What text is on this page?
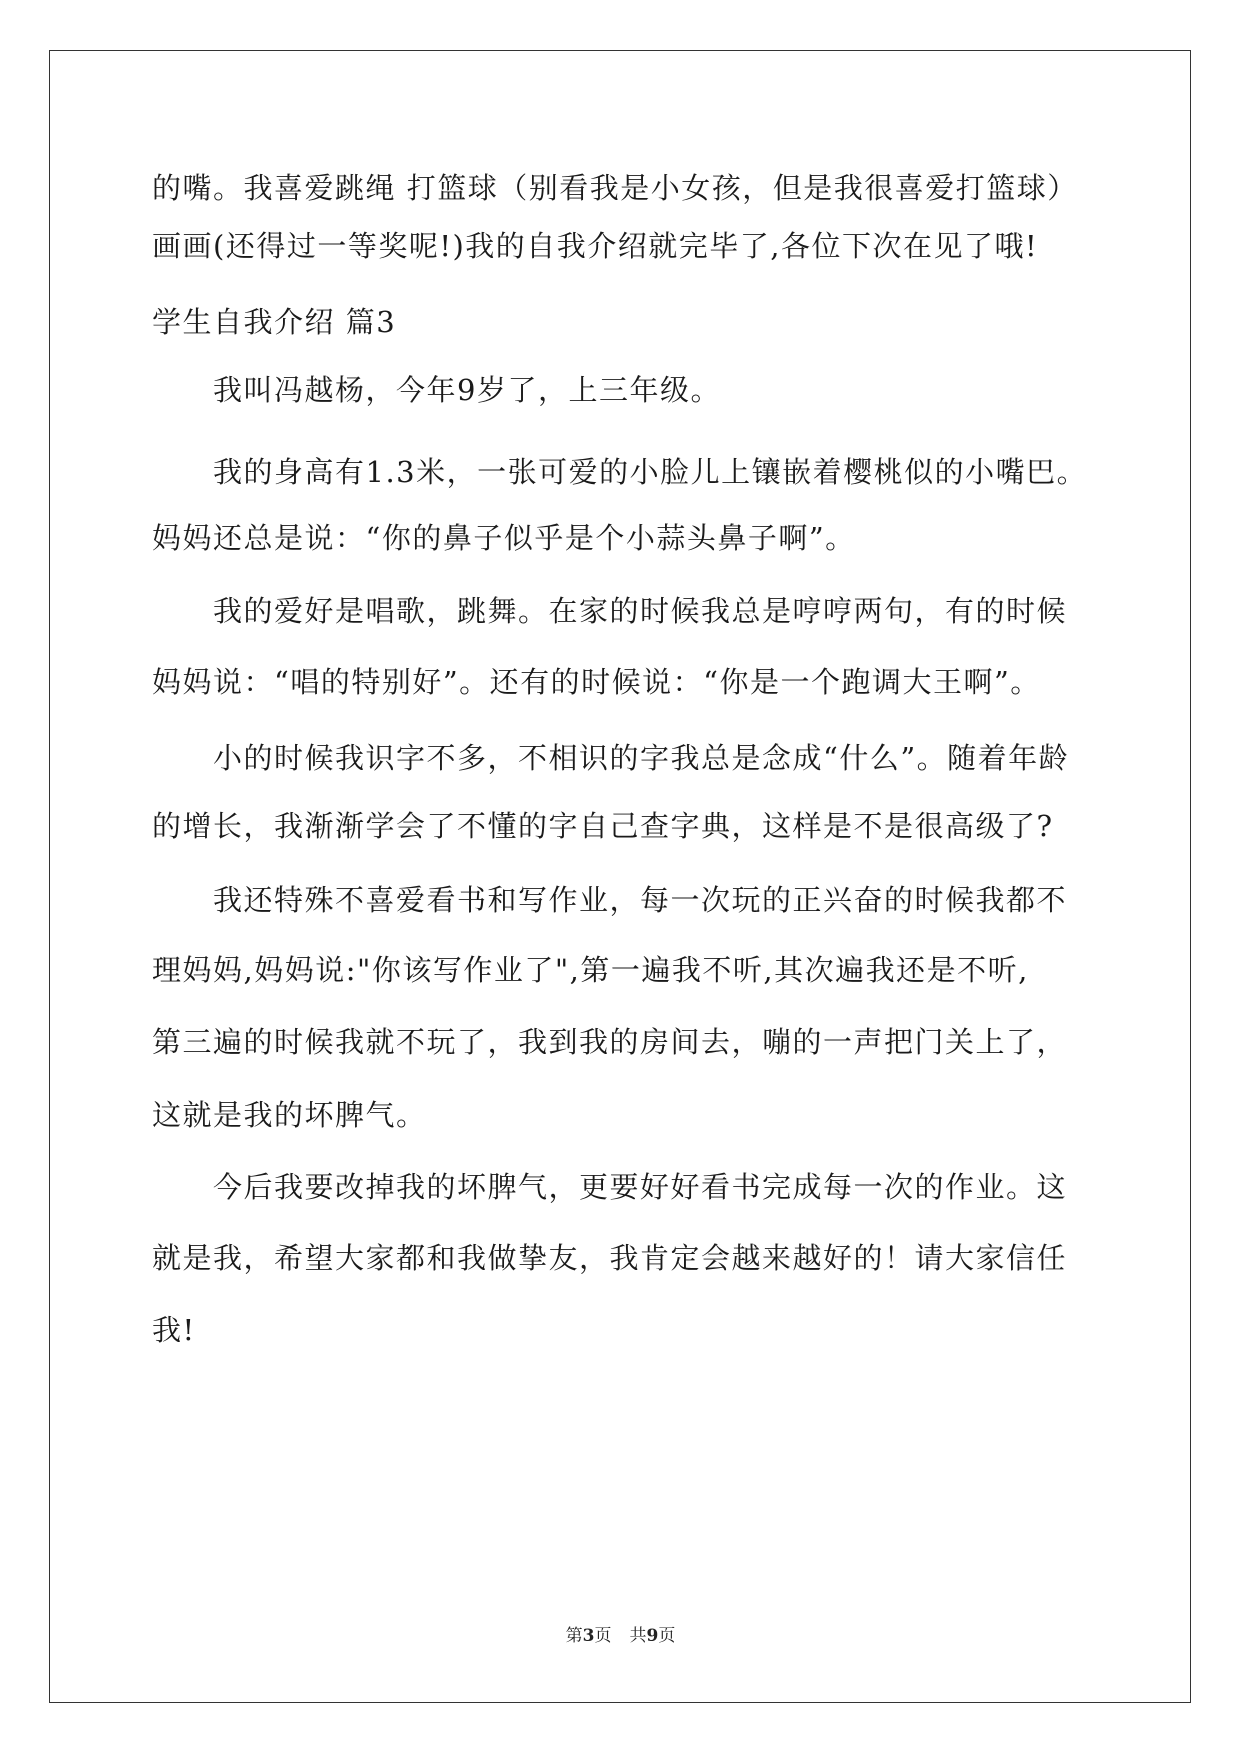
的嘴。我喜爱跳绳 打篮球（别看我是小女孩，但是我很喜爱打篮球）
画画(还得过一等奖呢!)我的自我介绍就完毕了,各位下次在见了哦!
学生自我介绍 篇3
我叫冯越杨，今年9岁了，上三年级。
我的身高有1.3米，一张可爱的小脸儿上镶嵌着樱桃似的小嘴巴。
妈妈还总是说：“你的鼻子似乎是个小蒜头鼻子啊”。
我的爱好是唱歌，跳舞。在家的时候我总是哼哼两句，有的时候
妈妈说：“唱的特别好”。还有的时候说：“你是一个跑调大王啊”。
小的时候我识字不多，不相识的字我总是念成“什么”。随着年龄
的增长，我渐渐学会了不懂的字自己查字典，这样是不是很高级了?
我还特殊不喜爱看书和写作业，每一次玩的正兴奋的时候我都不
理妈妈,妈妈说:"你该写作业了",第一遍我不听,其次遍我还是不听,
第三遍的时候我就不玩了，我到我的房间去，嘣的一声把门关上了，
这就是我的坏脾气。
今后我要改掉我的坏脾气，更要好好看书完成每一次的作业。这
就是我，希望大家都和我做挚友，我肯定会越来越好的！请大家信任
我!
第3页 共9页
